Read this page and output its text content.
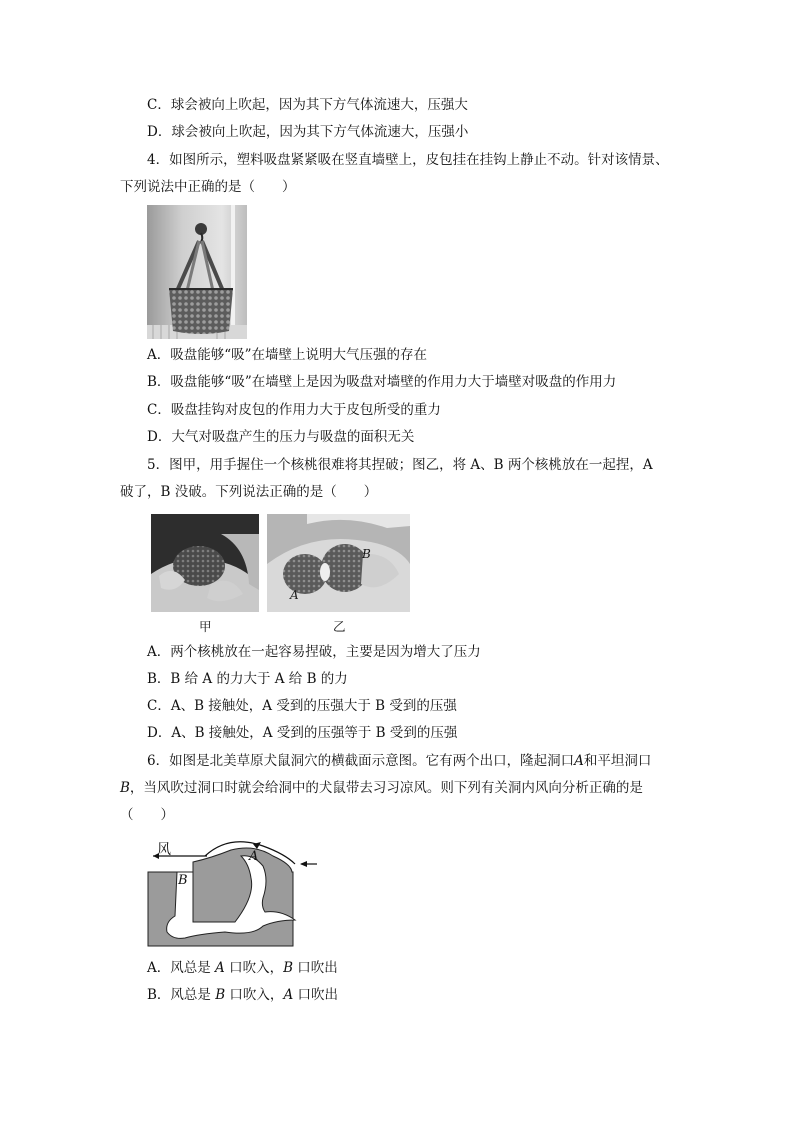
C．球会被向上吹起，因为其下方气体流速大，压强大
D．球会被向上吹起，因为其下方气体流速大，压强小
4．如图所示，塑料吸盘紧紧吸在竖直墙壁上，皮包挂在挂钩上静止不动。针对该情景、
下列说法中正确的是（　　）
A．吸盘能够“吸”在墙壁上说明大气压强的存在
B．吸盘能够“吸”在墙壁上是因为吸盘对墙壁的作用力大于墙壁对吸盘的作用力
C．吸盘挂钩对皮包的作用力大于皮包所受的重力
D．大气对吸盘产生的压力与吸盘的面积无关
5．图甲，用手握住一个核桃很难将其捏破；图乙，将 A、B 两个核桃放在一起捏，A
破了，B 没破。下列说法正确的是（　　）
B
A
甲	乙
A．两个核桃放在一起容易捏破，主要是因为增大了压力
B．B 给 A 的力大于 A 给 B 的力
C．A、B 接触处，A 受到的压强大于 B 受到的压强
D．A、B 接触处，A 受到的压强等于 B 受到的压强
6．如图是北美草原犬鼠洞穴的横截面示意图。它有两个出口，隆起洞口A和平坦洞口
B，当风吹过洞口时就会给洞中的犬鼠带去习习凉风。则下列有关洞内风向分析正确的是
（　　）
风	A
B
A．风总是 A 口吹入，B 口吹出
B．风总是 B 口吹入，A 口吹出
